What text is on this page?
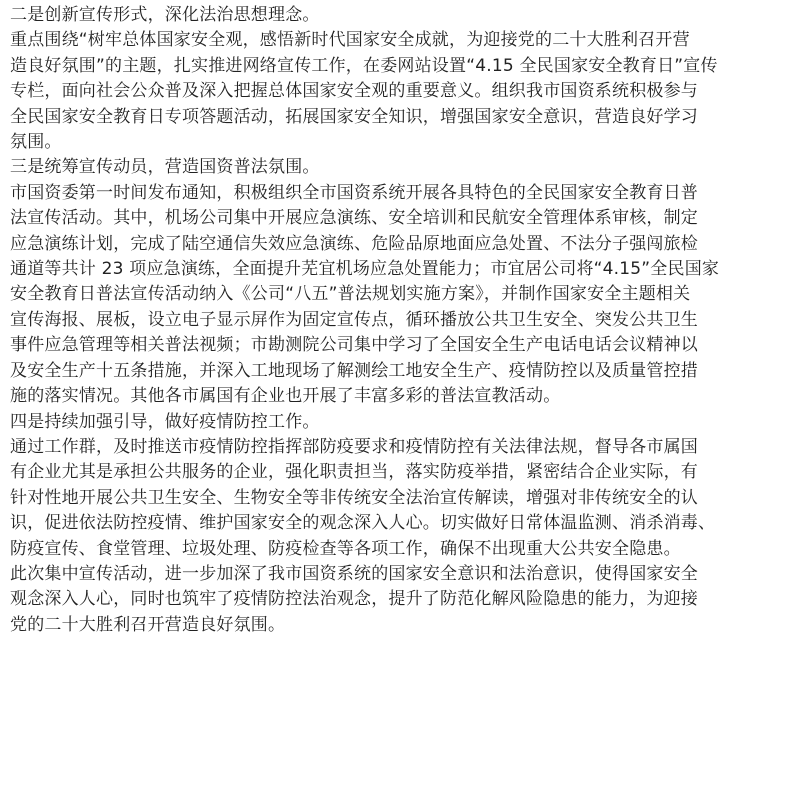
二是创新宣传形式，深化法治思想理念。

重点围绕“树牢总体国家安全观，感悟新时代国家安全成就，为迎接党的二十大胜利召开营

造良好氛围”的主题，扎实推进网络宣传工作，在委网站设置“4.15 全民国家安全教育日”宣传

专栏，面向社会公众普及深入把握总体国家安全观的重要意义。组织我市国资系统积极参与

全民国家安全教育日专项答题活动，拓展国家安全知识，增强国家安全意识，营造良好学习

氛围。

三是统筹宣传动员，营造国资普法氛围。

市国资委第一时间发布通知，积极组织全市国资系统开展各具特色的全民国家安全教育日普

法宣传活动。其中，机场公司集中开展应急演练、安全培训和民航安全管理体系审核，制定

应急演练计划，完成了陆空通信失效应急演练、危险品原地面应急处置、不法分子强闯旅检

通道等共计 23 项应急演练，全面提升芜宜机场应急处置能力；市宜居公司将“4.15”全民国家

安全教育日普法宣传活动纳入《公司“八五”普法规划实施方案》，并制作国家安全主题相关

宣传海报、展板，设立电子显示屏作为固定宣传点，循环播放公共卫生安全、突发公共卫生

事件应急管理等相关普法视频；市勘测院公司集中学习了全国安全生产电话电话会议精神以

及安全生产十五条措施，并深入工地现场了解测绘工地安全生产、疫情防控以及质量管控措

施的落实情况。其他各市属国有企业也开展了丰富多彩的普法宣教活动。

四是持续加强引导，做好疫情防控工作。

通过工作群，及时推送市疫情防控指挥部防疫要求和疫情防控有关法律法规，督导各市属国

有企业尤其是承担公共服务的企业，强化职责担当，落实防疫举措，紧密结合企业实际，有

针对性地开展公共卫生安全、生物安全等非传统安全法治宣传解读，增强对非传统安全的认

识，促进依法防控疫情、维护国家安全的观念深入人心。切实做好日常体温监测、消杀消毒、

防疫宣传、食堂管理、垃圾处理、防疫检查等各项工作，确保不出现重大公共安全隐患。

此次集中宣传活动，进一步加深了我市国资系统的国家安全意识和法治意识，使得国家安全

观念深入人心，同时也筑牢了疫情防控法治观念，提升了防范化解风险隐患的能力，为迎接

党的二十大胜利召开营造良好氛围。
